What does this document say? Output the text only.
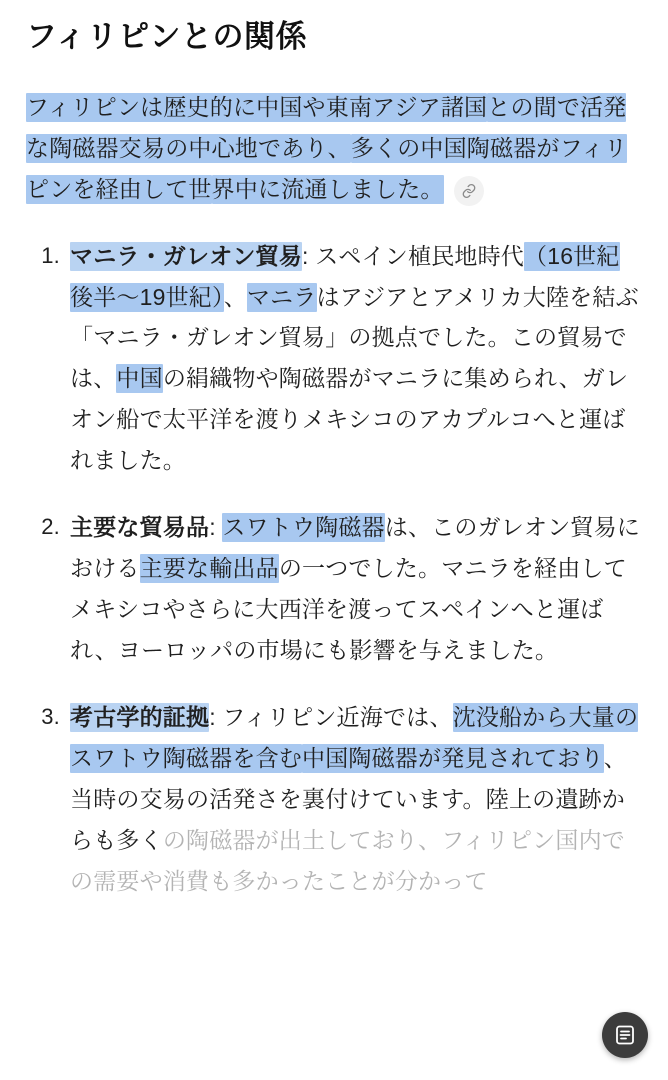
フィリピンとの関係

フィリピンは歴史的に中国や東南アジア諸国との間で活発な陶磁器交易の中心地であり、多くの中国陶磁器がフィリピンを経由して世界中に流通しました。

1. マニラ・ガレオン貿易: スペイン植民地時代（16世紀後半〜19世紀）、マニラはアジアとアメリカ大陸を結ぶ「マニラ・ガレオン貿易」の拠点でした。この貿易では、中国の絹織物や陶磁器がマニラに集められ、ガレオン船で太平洋を渡りメキシコのアカプルコへと運ばれました。
2. 主要な貿易品: スワトウ陶磁器は、このガレオン貿易における主要な輸出品の一つでした。マニラを経由してメキシコやさらに大西洋を渡ってスペインへと運ばれ、ヨーロッパの市場にも影響を与えました。
3. 考古学的証拠: フィリピン近海では、沈没船から大量のスワトウ陶磁器を含む中国陶磁器が発見されており、当時の交易の活発さを裏付けています。陸上の遺跡からも多くの陶磁器が出土しており、フィリピン国内での需要や消費も多かったことが分かって
